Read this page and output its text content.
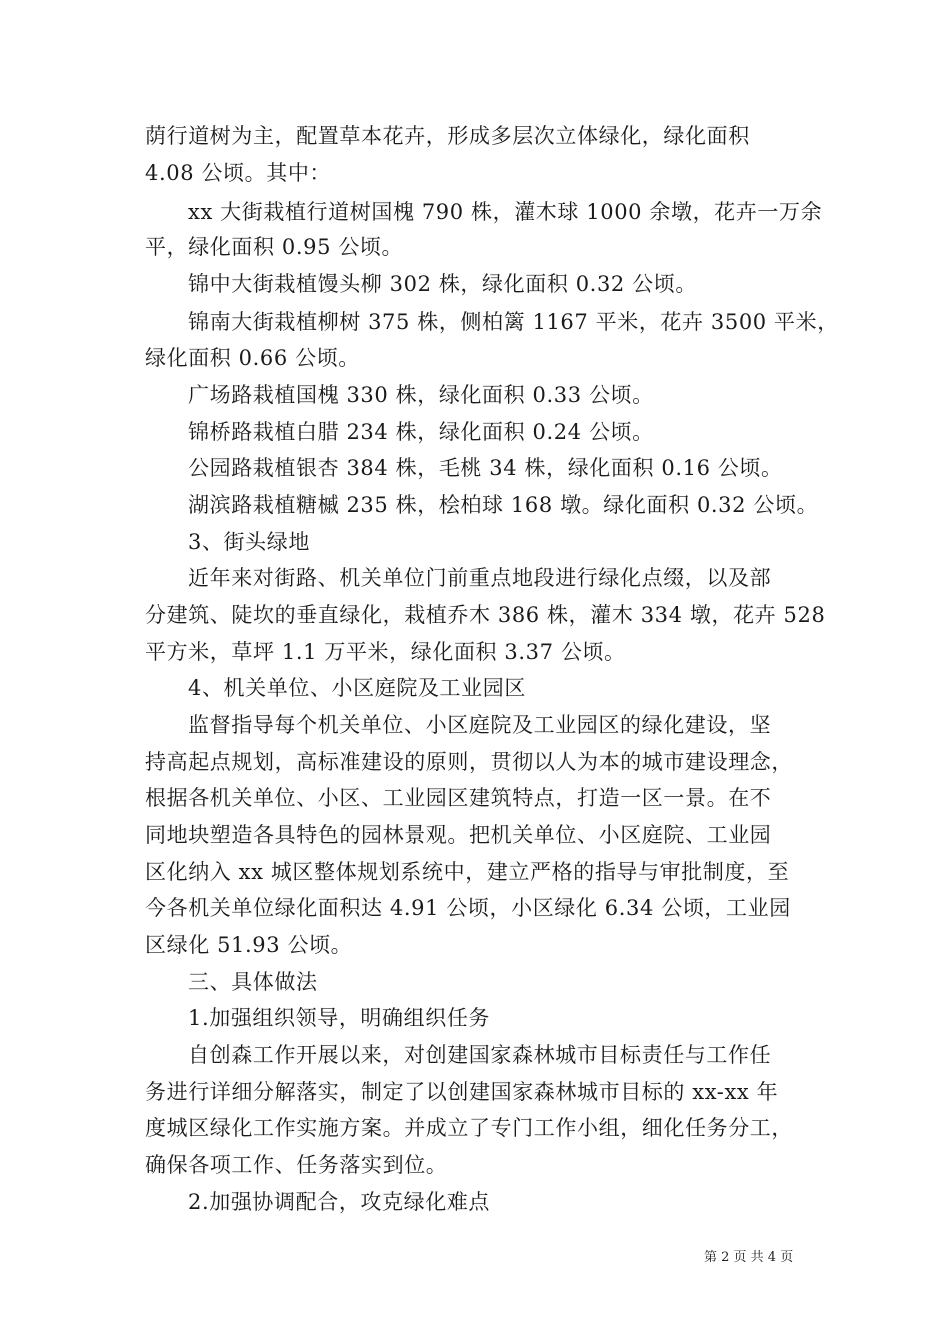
荫行道树为主，配置草本花卉，形成多层次立体绿化，绿化面积
4.08 公顷。其中：
xx 大街栽植行道树国槐 790 株，灌木球 1000 余墩，花卉一万余
平，绿化面积 0.95 公顷。
锦中大街栽植馒头柳 302 株，绿化面积 0.32 公顷。
锦南大街栽植柳树 375 株，侧柏篱 1167 平米，花卉 3500 平米，
绿化面积 0.66 公顷。
广场路栽植国槐 330 株，绿化面积 0.33 公顷。
锦桥路栽植白腊 234 株，绿化面积 0.24 公顷。
公园路栽植银杏 384 株，毛桃 34 株，绿化面积 0.16 公顷。
湖滨路栽植糖槭 235 株，桧柏球 168 墩。绿化面积 0.32 公顷。
3、街头绿地
近年来对街路、机关单位门前重点地段进行绿化点缀，以及部
分建筑、陡坎的垂直绿化，栽植乔木 386 株，灌木 334 墩，花卉 528
平方米，草坪 1.1 万平米，绿化面积 3.37 公顷。
4、机关单位、小区庭院及工业园区
监督指导每个机关单位、小区庭院及工业园区的绿化建设，坚
持高起点规划，高标准建设的原则，贯彻以人为本的城市建设理念，
根据各机关单位、小区、工业园区建筑特点，打造一区一景。在不
同地块塑造各具特色的园林景观。把机关单位、小区庭院、工业园
区化纳入 xx 城区整体规划系统中，建立严格的指导与审批制度，至
今各机关单位绿化面积达 4.91 公顷，小区绿化 6.34 公顷，工业园
区绿化 51.93 公顷。
三、具体做法
1.加强组织领导，明确组织任务
自创森工作开展以来，对创建国家森林城市目标责任与工作任
务进行详细分解落实，制定了以创建国家森林城市目标的 xx-xx 年
度城区绿化工作实施方案。并成立了专门工作小组，细化任务分工，
确保各项工作、任务落实到位。
2.加强协调配合，攻克绿化难点
第 2 页 共 4 页
